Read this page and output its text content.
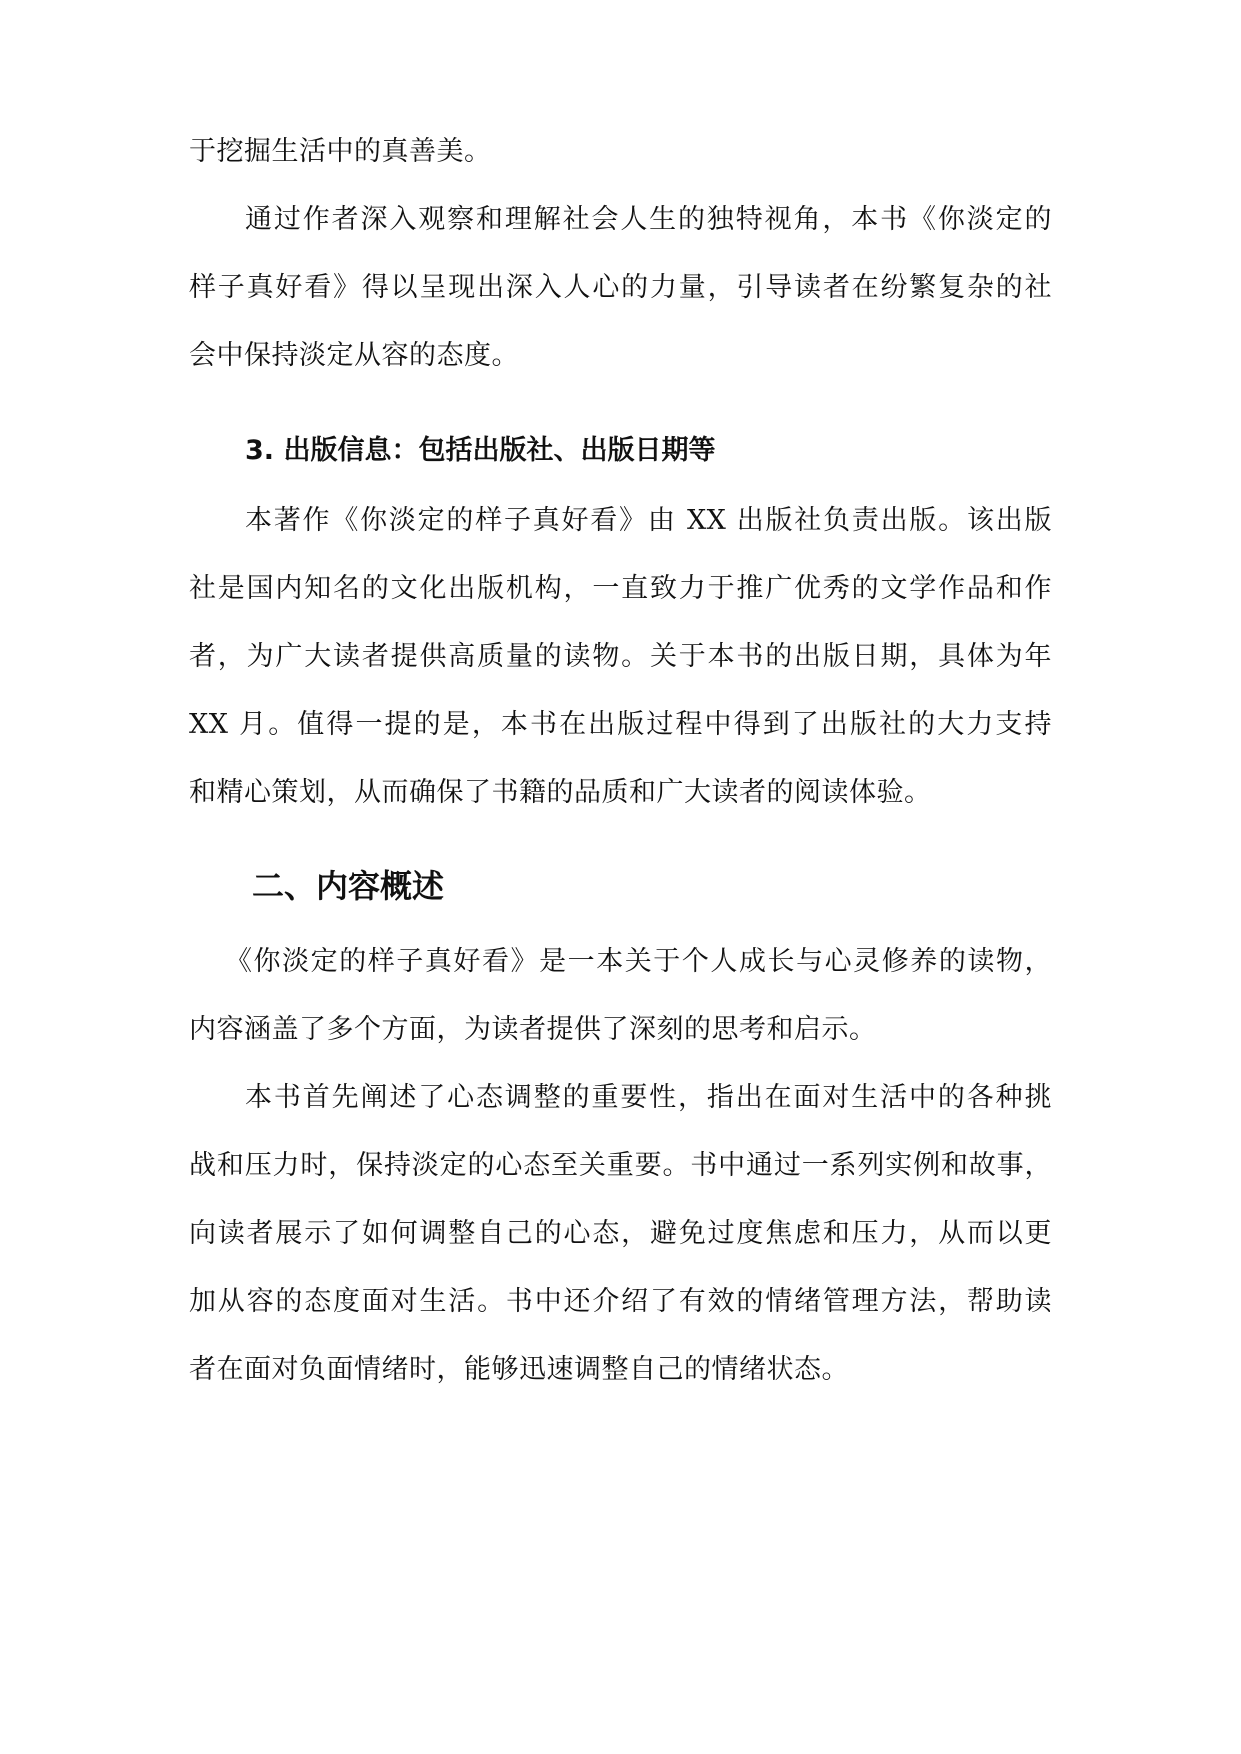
于挖掘生活中的真善美。
通过作者深入观察和理解社会人生的独特视角，本书《你淡定的
样子真好看》得以呈现出深入人心的力量，引导读者在纷繁复杂的社
会中保持淡定从容的态度。
3. 出版信息：包括出版社、出版日期等
本著作《你淡定的样子真好看》由 XX 出版社负责出版。该出版
社是国内知名的文化出版机构，一直致力于推广优秀的文学作品和作
者，为广大读者提供高质量的读物。关于本书的出版日期，具体为年
XX 月。值得一提的是，本书在出版过程中得到了出版社的大力支持
和精心策划，从而确保了书籍的品质和广大读者的阅读体验。
二、内容概述
《你淡定的样子真好看》是一本关于个人成长与心灵修养的读物，
内容涵盖了多个方面，为读者提供了深刻的思考和启示。
本书首先阐述了心态调整的重要性，指出在面对生活中的各种挑
战和压力时，保持淡定的心态至关重要。书中通过一系列实例和故事，
向读者展示了如何调整自己的心态，避免过度焦虑和压力，从而以更
加从容的态度面对生活。书中还介绍了有效的情绪管理方法，帮助读
者在面对负面情绪时，能够迅速调整自己的情绪状态。
